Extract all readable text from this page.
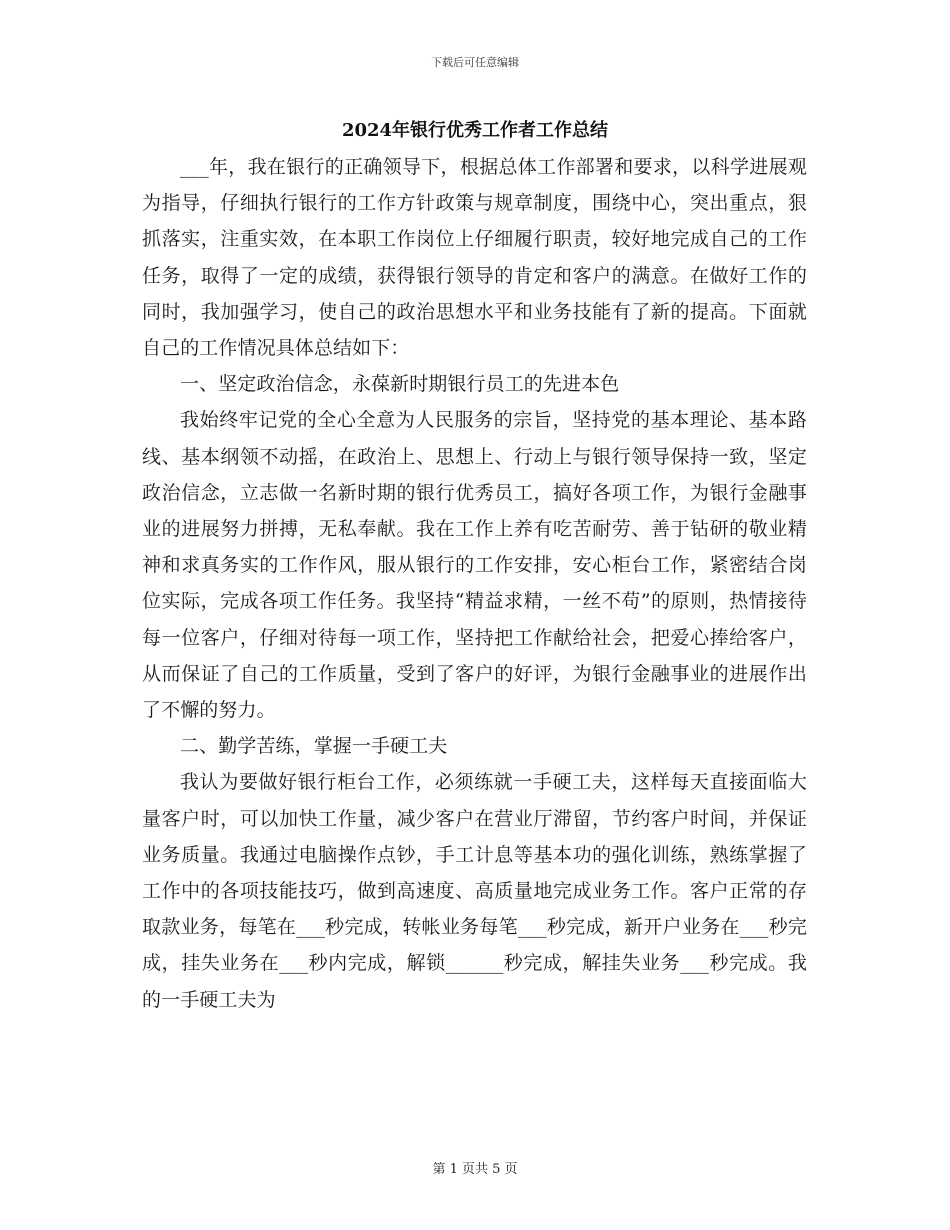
下载后可任意编辑
2024年银行优秀工作者工作总结

___年，我在银行的正确领导下，根据总体工作部署和要求，以科学进展观为指导，仔细执行银行的工作方针政策与规章制度，围绕中心，突出重点，狠抓落实，注重实效，在本职工作岗位上仔细履行职责，较好地完成自己的工作任务，取得了一定的成绩，获得银行领导的肯定和客户的满意。在做好工作的同时，我加强学习，使自己的政治思想水平和业务技能有了新的提高。下面就自己的工作情况具体总结如下：

一、坚定政治信念，永葆新时期银行员工的先进本色

我始终牢记党的全心全意为人民服务的宗旨，坚持党的基本理论、基本路线、基本纲领不动摇，在政治上、思想上、行动上与银行领导保持一致，坚定政治信念，立志做一名新时期的银行优秀员工，搞好各项工作，为银行金融事业的进展努力拼搏，无私奉献。我在工作上养有吃苦耐劳、善于钻研的敬业精神和求真务实的工作作风，服从银行的工作安排，安心柜台工作，紧密结合岗位实际，完成各项工作任务。我坚持“精益求精，一丝不苟”的原则，热情接待每一位客户，仔细对待每一项工作，坚持把工作献给社会，把爱心捧给客户，从而保证了自己的工作质量，受到了客户的好评，为银行金融事业的进展作出了不懈的努力。

二、勤学苦练，掌握一手硬工夫

我认为要做好银行柜台工作，必须练就一手硬工夫，这样每天直接面临大量客户时，可以加快工作量，减少客户在营业厅滞留，节约客户时间，并保证业务质量。我通过电脑操作点钞，手工计息等基本功的强化训练，熟练掌握了工作中的各项技能技巧，做到高速度、高质量地完成业务工作。客户正常的存取款业务，每笔在___秒完成，转帐业务每笔___秒完成，新开户业务在___秒完成，挂失业务在___秒内完成，解锁______秒完成，解挂失业务___秒完成。我的一手硬工夫为

第 1 页共 5 页
